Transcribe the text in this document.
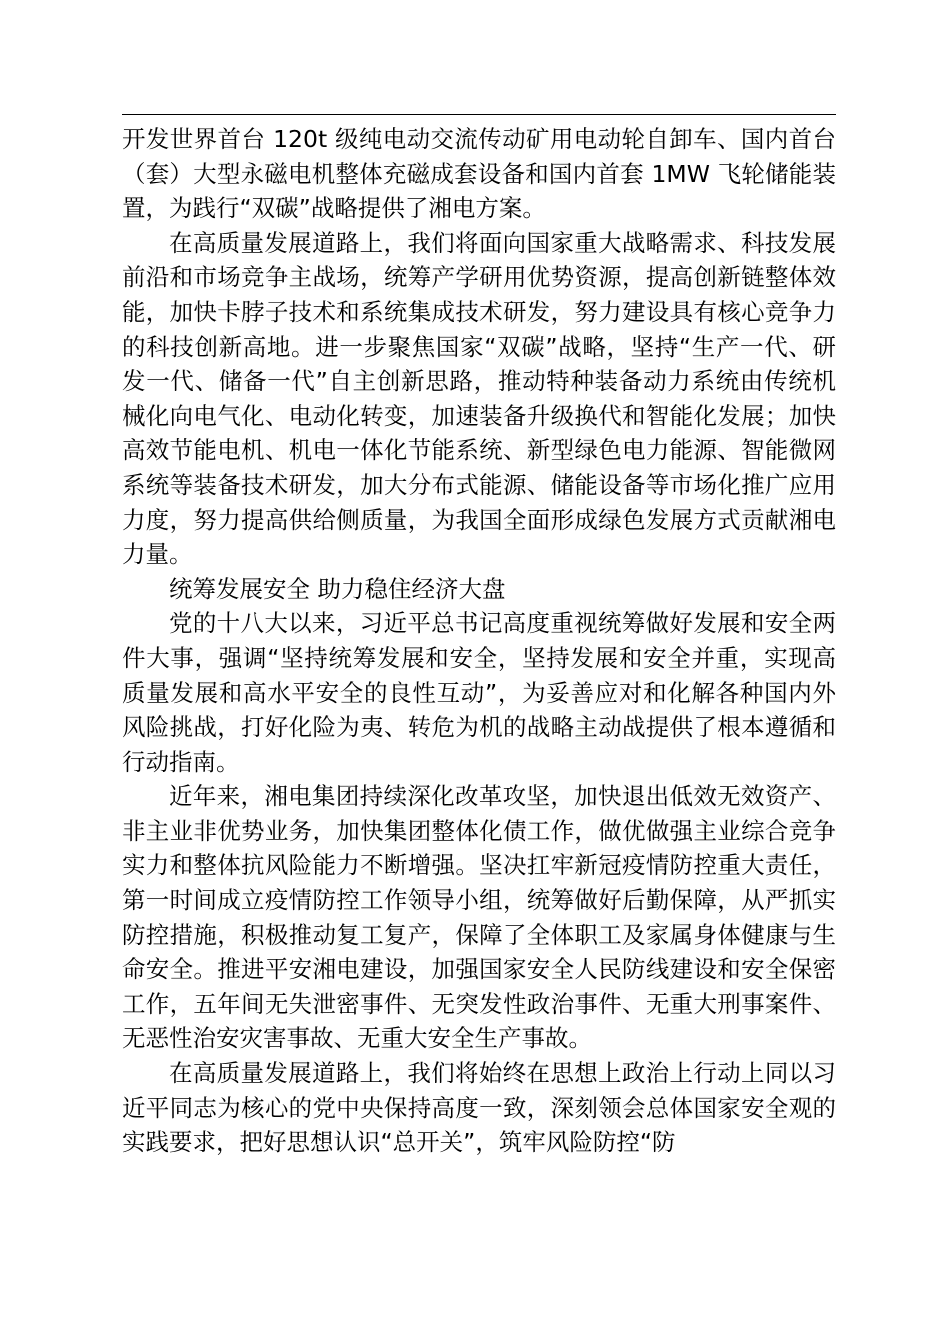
开发世界首台 120t 级纯电动交流传动矿用电动轮自卸车、国内首台（套）大型永磁电机整体充磁成套设备和国内首套 1MW 飞轮储能装置，为践行“双碳”战略提供了湘电方案。

在高质量发展道路上，我们将面向国家重大战略需求、科技发展前沿和市场竞争主战场，统筹产学研用优势资源，提高创新链整体效能，加快卡脖子技术和系统集成技术研发，努力建设具有核心竞争力的科技创新高地。进一步聚焦国家“双碳”战略，坚持“生产一代、研发一代、储备一代”自主创新思路，推动特种装备动力系统由传统机械化向电气化、电动化转变，加速装备升级换代和智能化发展；加快高效节能电机、机电一体化节能系统、新型绿色电力能源、智能微网系统等装备技术研发，加大分布式能源、储能设备等市场化推广应用力度，努力提高供给侧质量，为我国全面形成绿色发展方式贡献湘电力量。

统筹发展安全 助力稳住经济大盘

党的十八大以来，习近平总书记高度重视统筹做好发展和安全两件大事，强调“坚持统筹发展和安全，坚持发展和安全并重，实现高质量发展和高水平安全的良性互动”，为妥善应对和化解各种国内外风险挑战，打好化险为夷、转危为机的战略主动战提供了根本遵循和行动指南。

近年来，湘电集团持续深化改革攻坚，加快退出低效无效资产、非主业非优势业务，加快集团整体化债工作，做优做强主业综合竞争实力和整体抗风险能力不断增强。坚决扛牢新冠疫情防控重大责任，第一时间成立疫情防控工作领导小组，统筹做好后勤保障，从严抓实防控措施，积极推动复工复产，保障了全体职工及家属身体健康与生命安全。推进平安湘电建设，加强国家安全人民防线建设和安全保密工作，五年间无失泄密事件、无突发性政治事件、无重大刑事案件、无恶性治安灾害事故、无重大安全生产事故。

在高质量发展道路上，我们将始终在思想上政治上行动上同以习近平同志为核心的党中央保持高度一致，深刻领会总体国家安全观的实践要求，把好思想认识“总开关”，筑牢风险防控“防
